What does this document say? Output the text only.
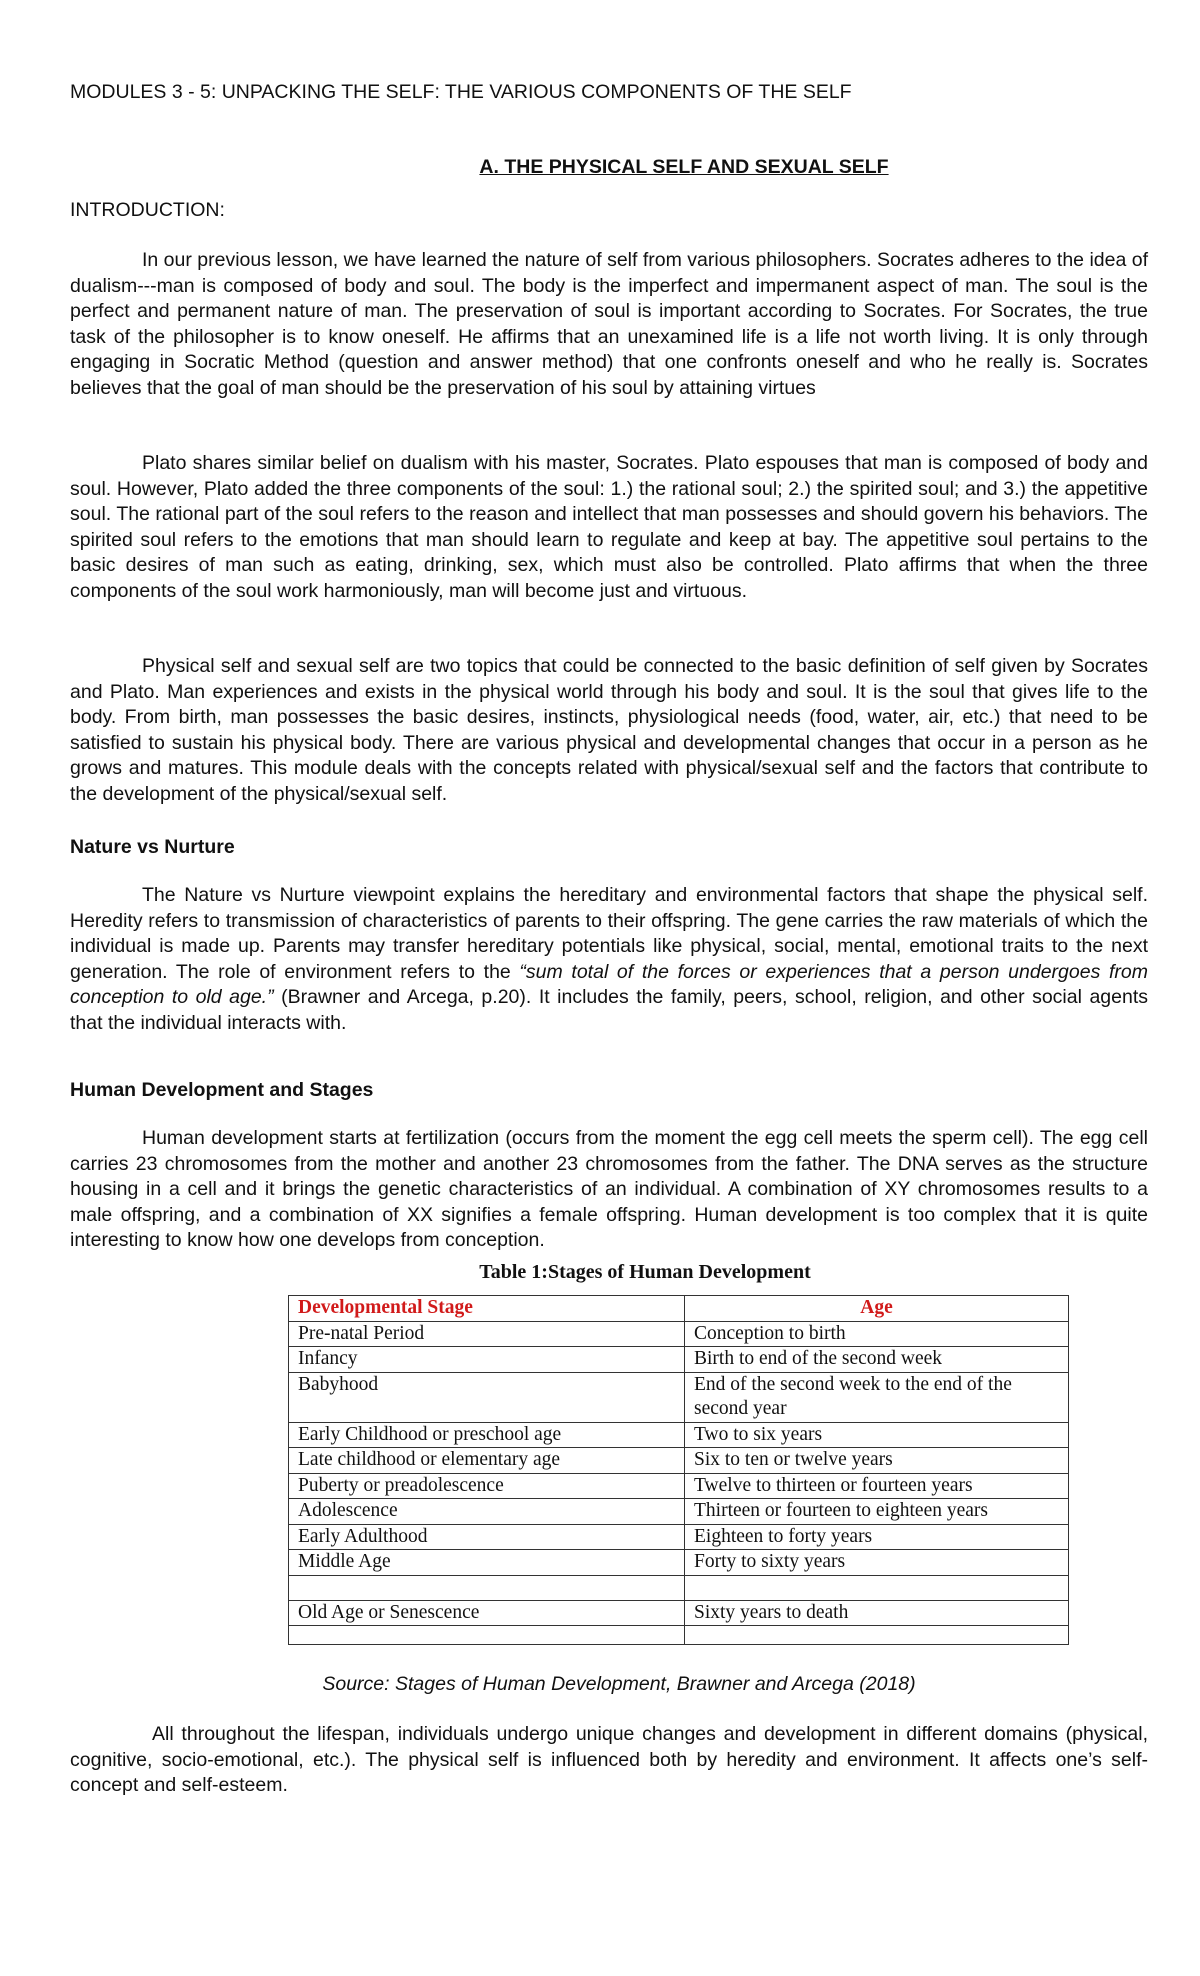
MODULES 3 - 5: UNPACKING THE SELF: THE VARIOUS COMPONENTS OF THE SELF

A. THE PHYSICAL SELF AND SEXUAL SELF

INTRODUCTION:

In our previous lesson, we have learned the nature of self from various philosophers. Socrates adheres to the idea of dualism---man is composed of body and soul. The body is the imperfect and impermanent aspect of man. The soul is the perfect and permanent nature of man. The preservation of soul is important according to Socrates. For Socrates, the true task of the philosopher is to know oneself. He affirms that an unexamined life is a life not worth living. It is only through engaging in Socratic Method (question and answer method) that one confronts oneself and who he really is. Socrates believes that the goal of man should be the preservation of his soul by attaining virtues

Plato shares similar belief on dualism with his master, Socrates. Plato espouses that man is composed of body and soul. However, Plato added the three components of the soul: 1.) the rational soul; 2.) the spirited soul; and 3.) the appetitive soul. The rational part of the soul refers to the reason and intellect that man possesses and should govern his behaviors. The spirited soul refers to the emotions that man should learn to regulate and keep at bay. The appetitive soul pertains to the basic desires of man such as eating, drinking, sex, which must also be controlled. Plato affirms that when the three components of the soul work harmoniously, man will become just and virtuous.

Physical self and sexual self are two topics that could be connected to the basic definition of self given by Socrates and Plato. Man experiences and exists in the physical world through his body and soul. It is the soul that gives life to the body. From birth, man possesses the basic desires, instincts, physiological needs (food, water, air, etc.) that need to be satisfied to sustain his physical body. There are various physical and developmental changes that occur in a person as he grows and matures. This module deals with the concepts related with physical/sexual self and the factors that contribute to the development of the physical/sexual self.

Nature vs Nurture

The Nature vs Nurture viewpoint explains the hereditary and environmental factors that shape the physical self. Heredity refers to transmission of characteristics of parents to their offspring. The gene carries the raw materials of which the individual is made up. Parents may transfer hereditary potentials like physical, social, mental, emotional traits to the next generation. The role of environment refers to the “sum total of the forces or experiences that a person undergoes from conception to old age.” (Brawner and Arcega, p.20). It includes the family, peers, school, religion, and other social agents that the individual interacts with.

Human Development and Stages

Human development starts at fertilization (occurs from the moment the egg cell meets the sperm cell). The egg cell carries 23 chromosomes from the mother and another 23 chromosomes from the father. The DNA serves as the structure housing in a cell and it brings the genetic characteristics of an individual. A combination of XY chromosomes results to a male offspring, and a combination of XX signifies a female offspring. Human development is too complex that it is quite interesting to know how one develops from conception.

Table 1:Stages of Human Development

Developmental Stage	Age
Pre-natal Period	Conception to birth
Infancy	Birth to end of the second week
Babyhood	End of the second week to the end of the second year
Early Childhood or preschool age	Two to six years
Late childhood or elementary age	Six to ten or twelve years
Puberty or preadolescence	Twelve to thirteen or fourteen years
Adolescence	Thirteen or fourteen to eighteen years
Early Adulthood	Eighteen to forty years
Middle Age	Forty to sixty years

Old Age or Senescence	Sixty years to death

Source: Stages of Human Development, Brawner and Arcega (2018)

All throughout the lifespan, individuals undergo unique changes and development in different domains (physical, cognitive, socio-emotional, etc.). The physical self is influenced both by heredity and environment. It affects one’s self-concept and self-esteem.
